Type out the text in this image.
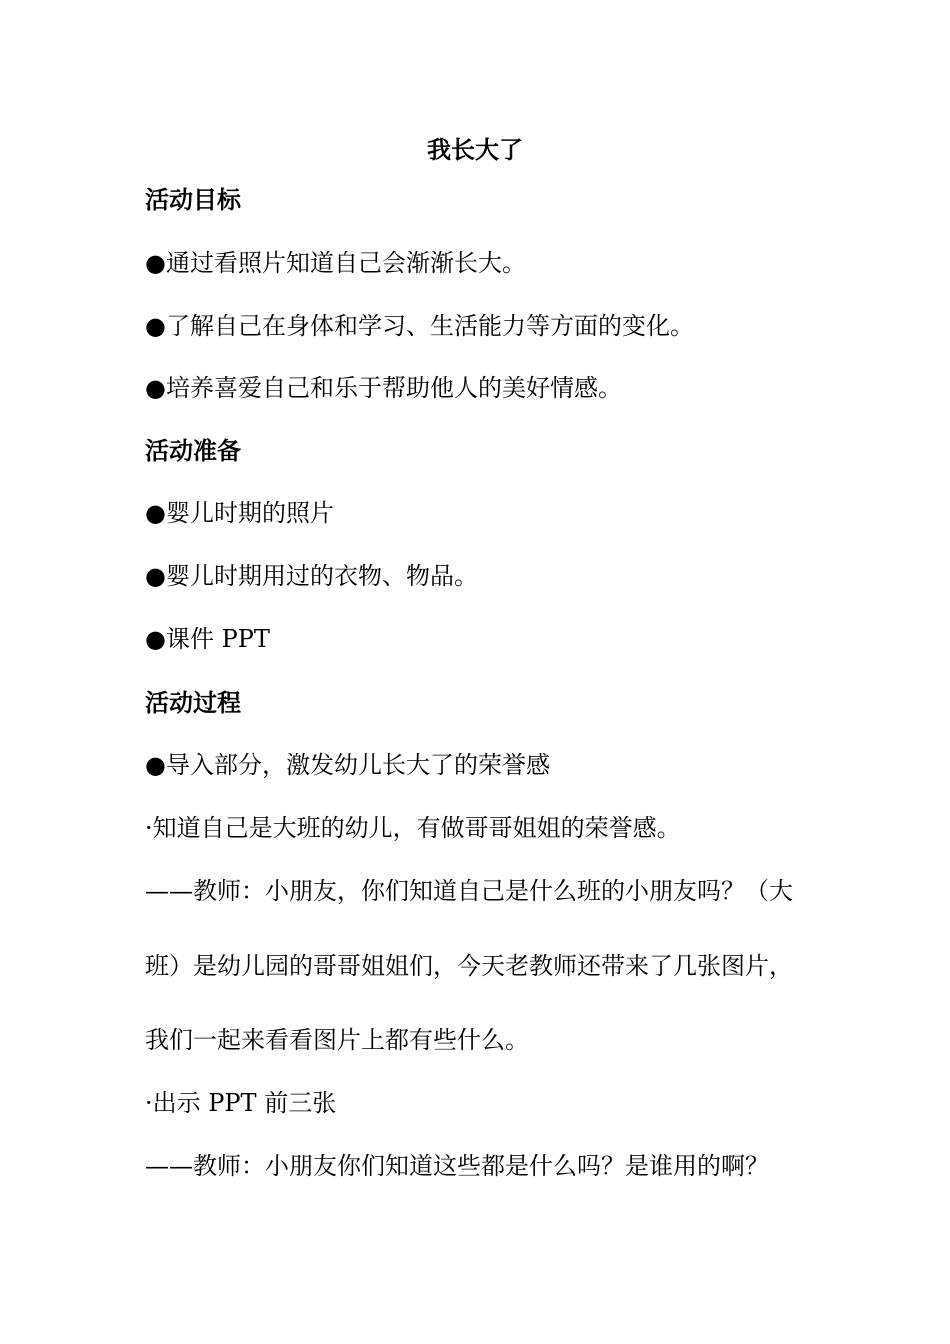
我长大了
活动目标
●通过看照片知道自己会渐渐长大。
●了解自己在身体和学习、生活能力等方面的变化。
●培养喜爱自己和乐于帮助他人的美好情感。
活动准备
●婴儿时期的照片
●婴儿时期用过的衣物、物品。
●课件 PPT
活动过程
●导入部分，激发幼儿长大了的荣誉感
·知道自己是大班的幼儿，有做哥哥姐姐的荣誉感。
——教师：小朋友，你们知道自己是什么班的小朋友吗？（大
班）是幼儿园的哥哥姐姐们，今天老教师还带来了几张图片，
我们一起来看看图片上都有些什么。
·出示 PPT 前三张
——教师：小朋友你们知道这些都是什么吗？是谁用的啊？
